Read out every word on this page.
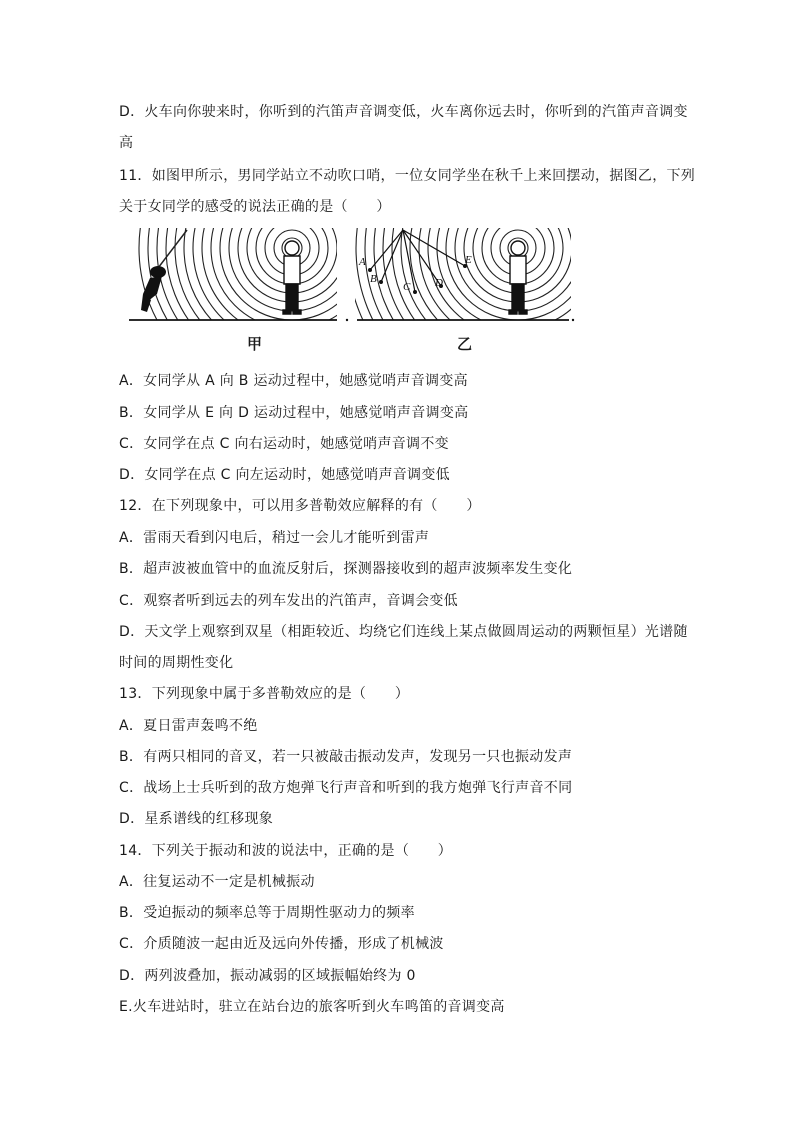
D．火车向你驶来时，你听到的汽笛声音调变低，火车离你远去时，你听到的汽笛声音调变
高
11．如图甲所示，男同学站立不动吹口哨，一位女同学坐在秋千上来回摆动，据图乙，下列
关于女同学的感受的说法正确的是（　　）
A
B
C D
E
甲	乙
A．女同学从 A 向 B 运动过程中，她感觉哨声音调变高
B．女同学从 E 向 D 运动过程中，她感觉哨声音调变高
C．女同学在点 C 向右运动时，她感觉哨声音调不变
D．女同学在点 C 向左运动时，她感觉哨声音调变低
12．在下列现象中，可以用多普勒效应解释的有（　　）
A．雷雨天看到闪电后，稍过一会儿才能听到雷声
B．超声波被血管中的血流反射后，探测器接收到的超声波频率发生变化
C．观察者听到远去的列车发出的汽笛声，音调会变低
D．天文学上观察到双星（相距较近、均绕它们连线上某点做圆周运动的两颗恒星）光谱随
时间的周期性变化
13．下列现象中属于多普勒效应的是（　　）
A．夏日雷声轰鸣不绝
B．有两只相同的音叉，若一只被敲击振动发声，发现另一只也振动发声
C．战场上士兵听到的敌方炮弹飞行声音和听到的我方炮弹飞行声音不同
D．星系谱线的红移现象
14．下列关于振动和波的说法中，正确的是（　　）
A．往复运动不一定是机械振动
B．受迫振动的频率总等于周期性驱动力的频率
C．介质随波一起由近及远向外传播，形成了机械波
D．两列波叠加，振动减弱的区域振幅始终为 0
E.火车进站时，驻立在站台边的旅客听到火车鸣笛的音调变高
